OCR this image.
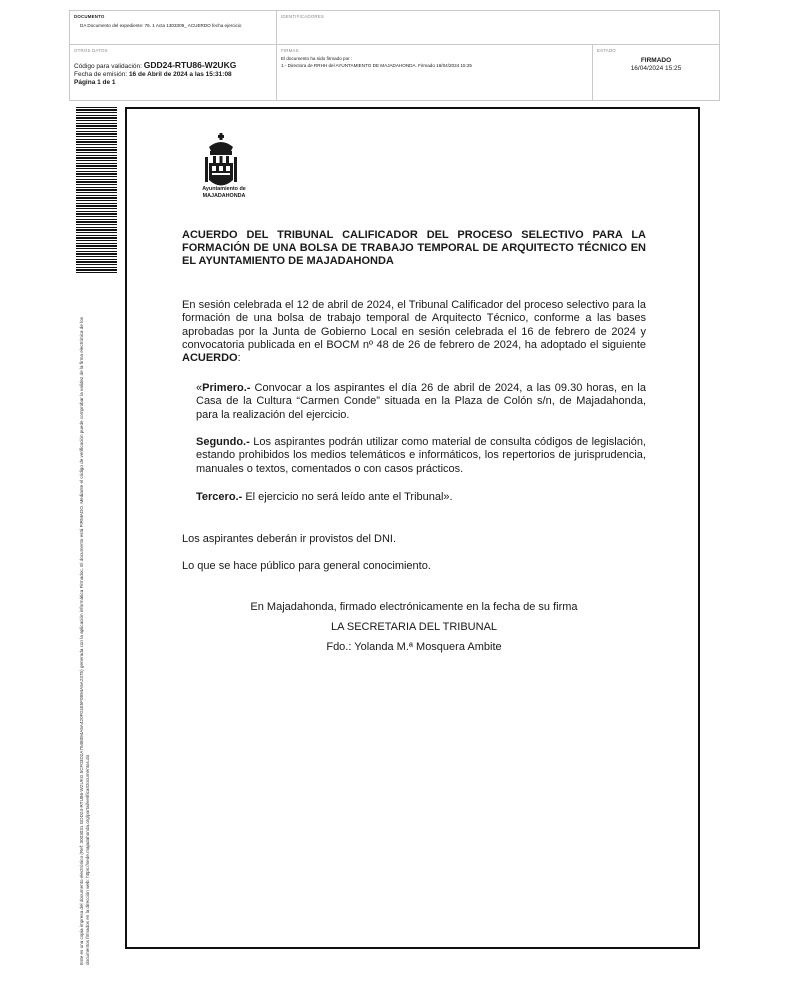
DOCUMENTO
DA Documento del expediente: 76. 1 Acta 1303309_ ACUERDO fecha ejercicio
IDENTIFICADORES
OTROS DATOS
Código para validación: GDD24-RTU86-W2UKG
Fecha de emisión: 16 de Abril de 2024 a las 15:31:08
Página 1 de 1
FIRMAS
El documento ha sido firmado por :
1.- Directora de RRHH del AYUNTAMIENTO DE MAJADAHONDA. Firmado 16/04/2024 15:25
ESTADO
FIRMADO
16/04/2024 15:25
Este es una copia impresa del documento electrónico (Ref: 3003031 GDD24-RTU86-W2UKG 5CF03D2A7548094A5A420F01E5F0894A5A2375) generada con la aplicación informática Firmadoc. El documento está FIRMADO. Mediante el código de verificación puede comprobar la validez de la firma electrónica de los documentos firmados en la dirección web: https://sede.majadahonda.org/portal/verificarDocumentos.do
Ayuntamiento de
MAJADAHONDA
ACUERDO DEL TRIBUNAL CALIFICADOR DEL PROCESO SELECTIVO PARA LA FORMACIÓN DE UNA BOLSA DE TRABAJO TEMPORAL DE ARQUITECTO TÉCNICO EN EL AYUNTAMIENTO DE MAJADAHONDA
En sesión celebrada el 12 de abril de 2024, el Tribunal Calificador del proceso selectivo para la formación de una bolsa de trabajo temporal de Arquitecto Técnico, conforme a las bases aprobadas por la Junta de Gobierno Local en sesión celebrada el 16 de febrero de 2024 y convocatoria publicada en el BOCM nº 48 de 26 de febrero de 2024, ha adoptado el siguiente ACUERDO:
«Primero.- Convocar a los aspirantes el día 26 de abril de 2024, a las 09.30 horas, en la Casa de la Cultura “Carmen Conde” situada en la Plaza de Colón s/n, de Majadahonda, para la realización del ejercicio.
Segundo.- Los aspirantes podrán utilizar como material de consulta códigos de legislación, estando prohibidos los medios telemáticos e informáticos, los repertorios de jurisprudencia, manuales o textos, comentados o con casos prácticos.
Tercero.- El ejercicio no será leído ante el Tribunal».
Los aspirantes deberán ir provistos del DNI.
Lo que se hace público para general conocimiento.
En Majadahonda, firmado electrónicamente en la fecha de su firma
LA SECRETARIA DEL TRIBUNAL
Fdo.: Yolanda M.ª Mosquera Ambite
